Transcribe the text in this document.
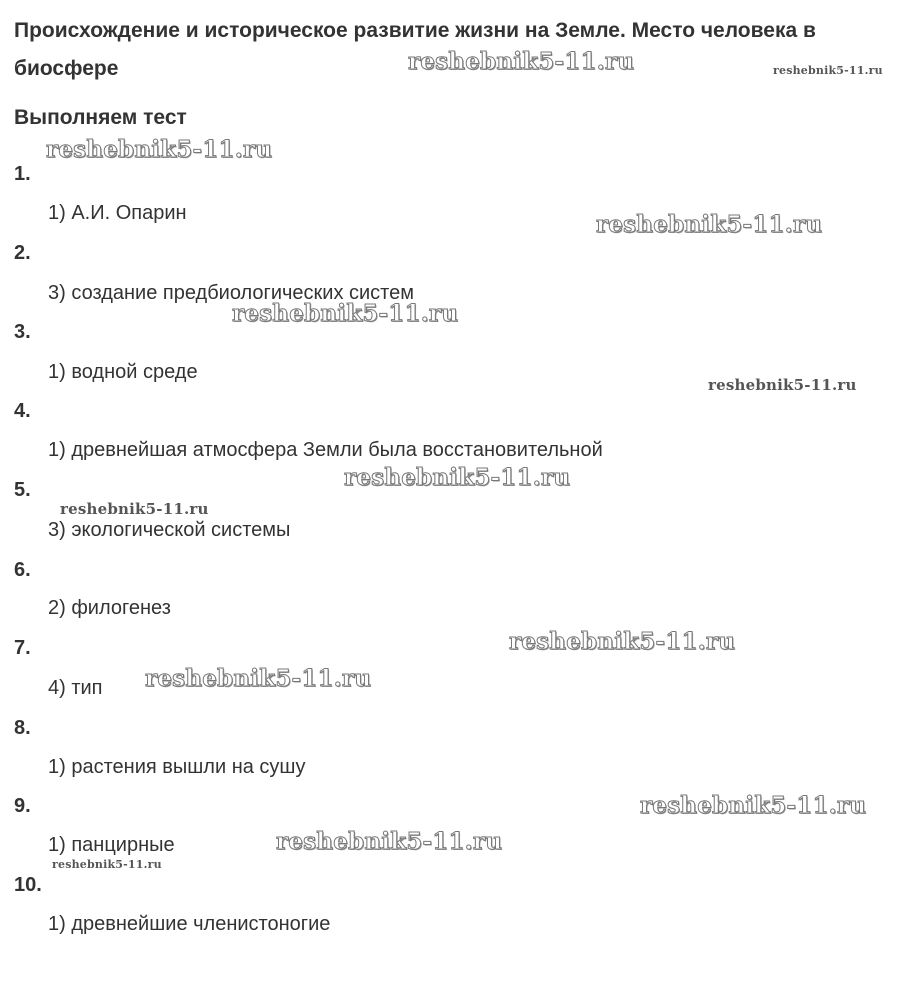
Происхождение и историческое развитие жизни на Земле. Место человека в биосфере
Выполняем тест
1.
1) А.И. Опарин
2.
3) создание предбиологических систем
3.
1) водной среде
4.
1) древнейшая атмосфера Земли была восстановительной
5.
3) экологической системы
6.
2) филогенез
7.
4) тип
8.
1) растения вышли на сушу
9.
1) панцирные
10.
1) древнейшие членистоногие
reshebnik5-11.ru	reshebnik5-11.ru
reshebnik5-11.ru
reshebnik5-11.ru
reshebnik5-11.ru
reshebnik5-11.ru
reshebnik5-11.ru
reshebnik5-11.ru
reshebnik5-11.ru
reshebnik5-11.ru
reshebnik5-11.ru
reshebnik5-11.ru
reshebnik5-11.ru
